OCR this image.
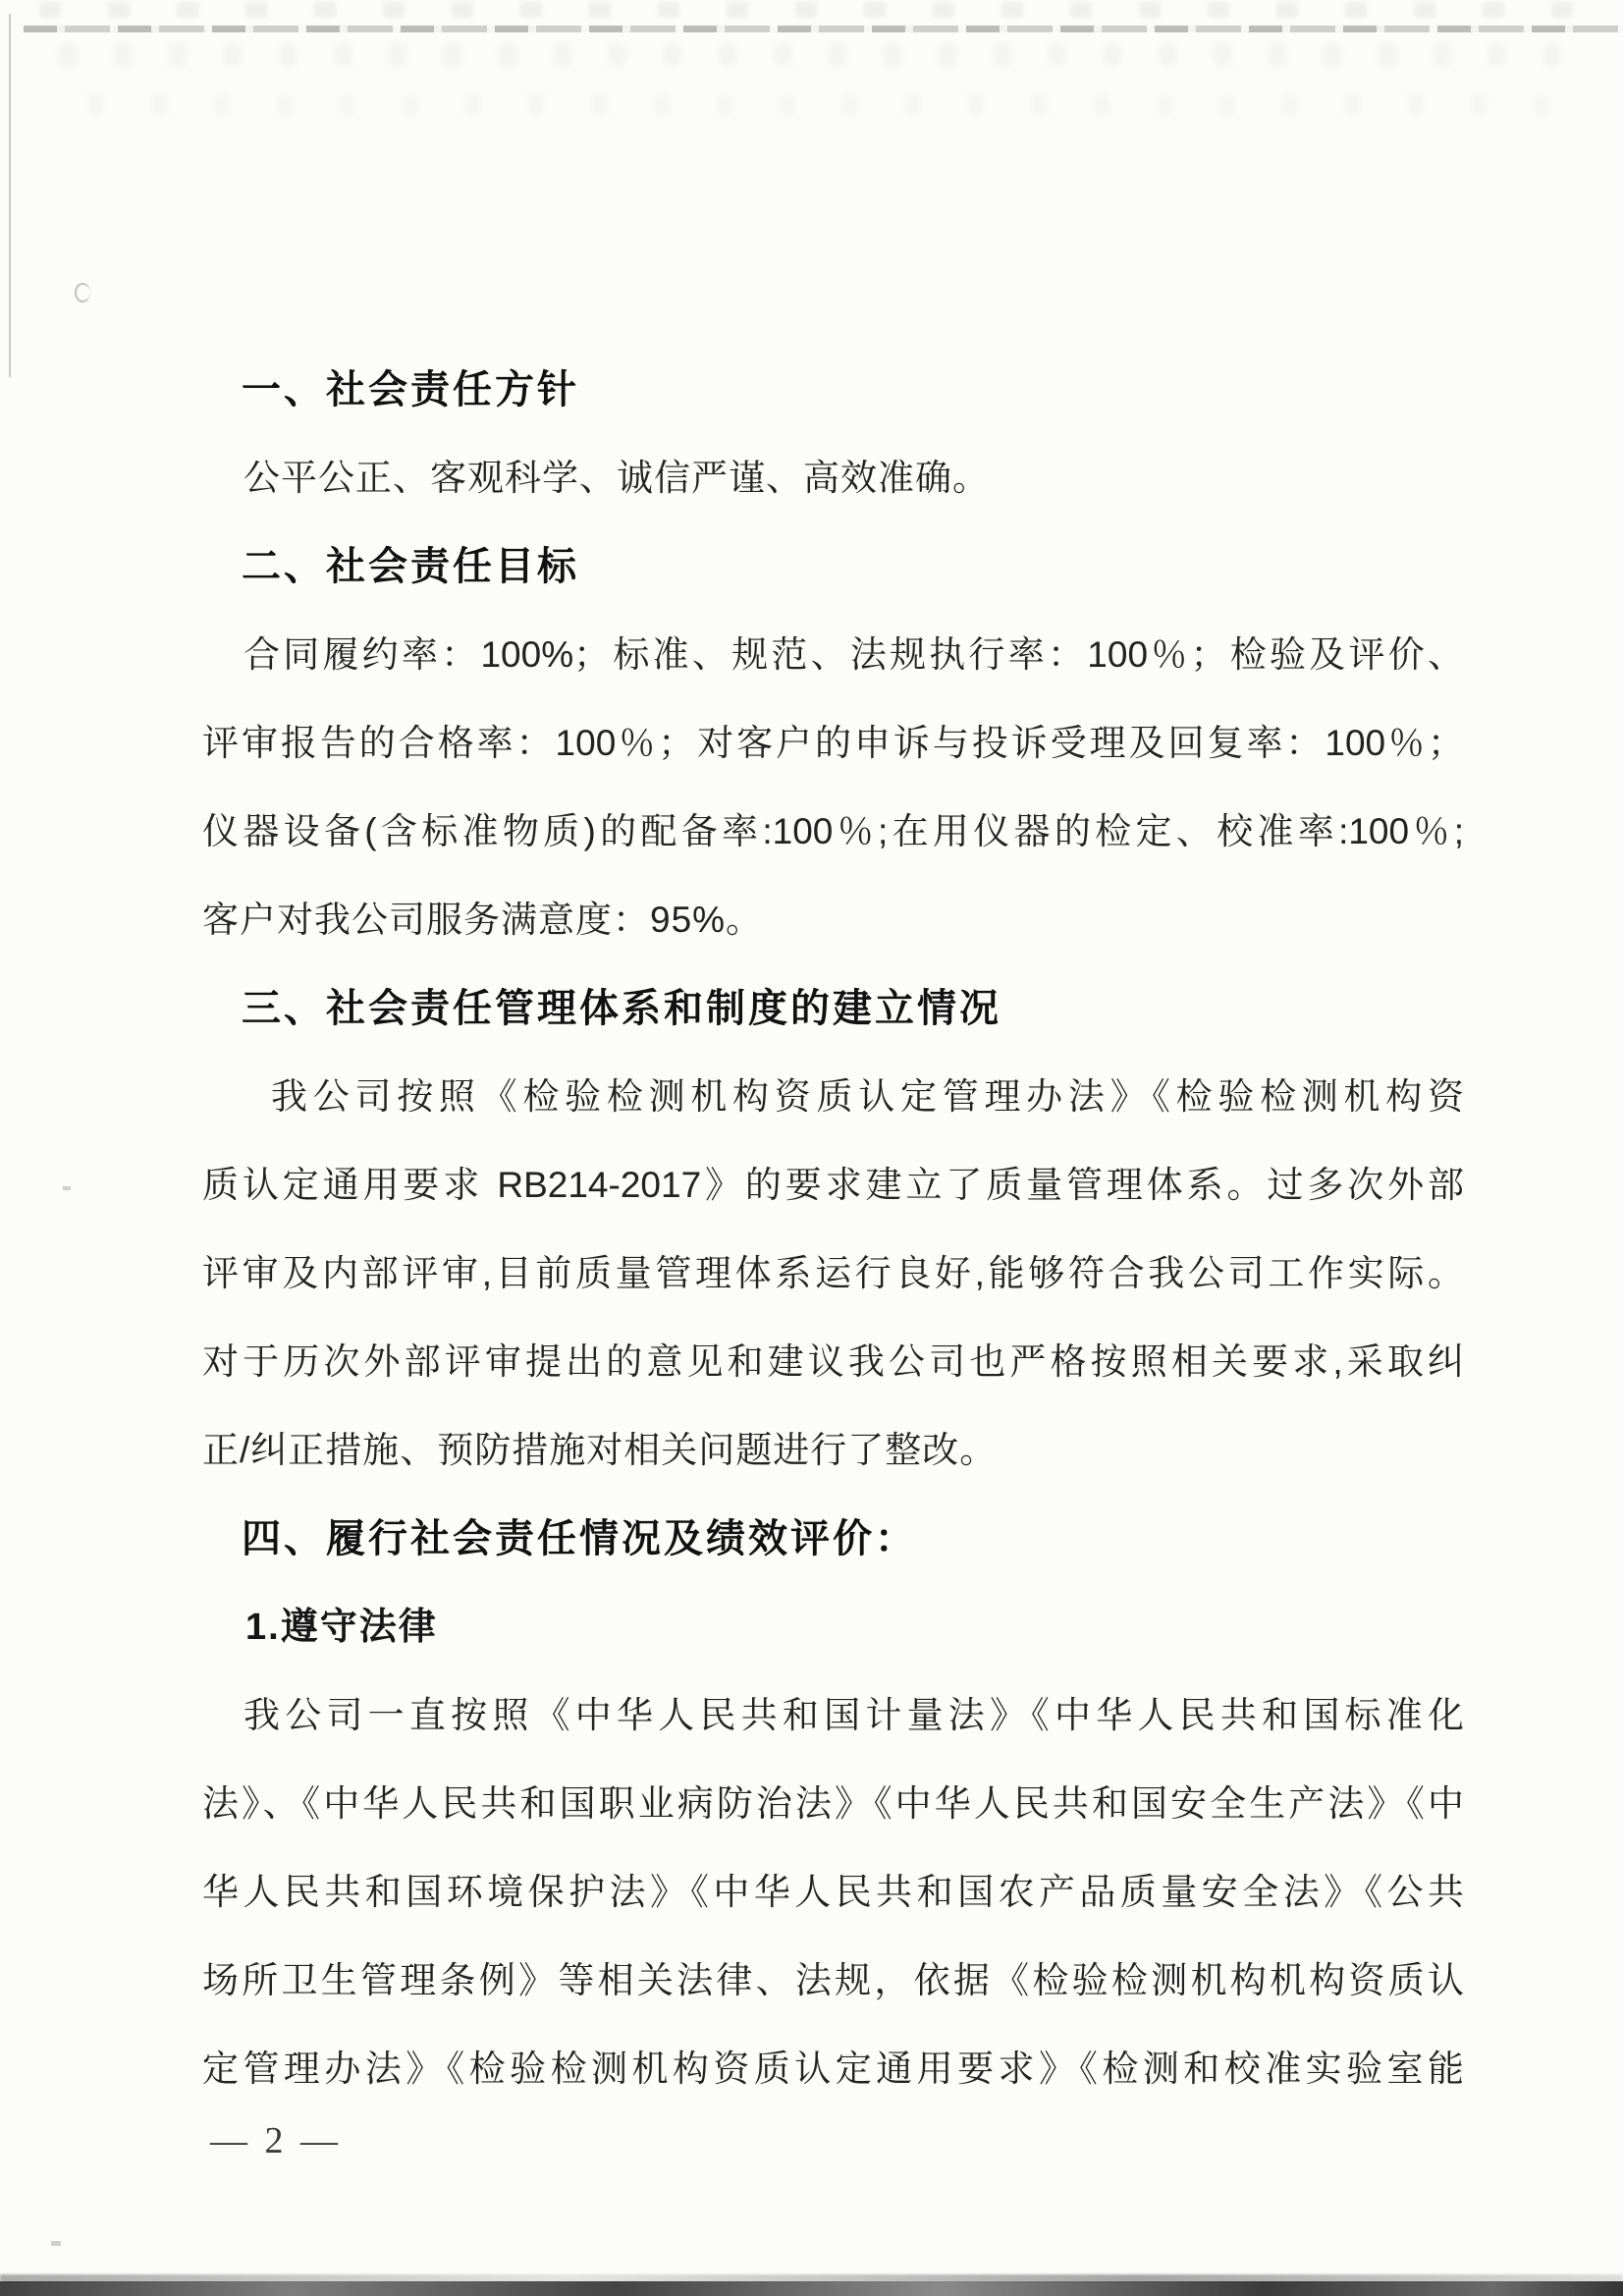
一、社会责任方针
公平公正、客观科学、诚信严谨、高效准确。
二、社会责任目标
合同履约率：100%；标准、规范、法规执行率：100％；检验及评价、
评审报告的合格率：100％；对客户的申诉与投诉受理及回复率：100％；
仪器设备(含标准物质)的配备率:100％;在用仪器的检定、校准率:100％;
客户对我公司服务满意度：95%。
三、社会责任管理体系和制度的建立情况
我公司按照《检验检测机构资质认定管理办法》《检验检测机构资
质认定通用要求 RB214-2017》的要求建立了质量管理体系。过多次外部
评审及内部评审,目前质量管理体系运行良好,能够符合我公司工作实际。
对于历次外部评审提出的意见和建议我公司也严格按照相关要求,采取纠
正/纠正措施、预防措施对相关问题进行了整改。
四、履行社会责任情况及绩效评价：
1.遵守法律
我公司一直按照《中华人民共和国计量法》《中华人民共和国标准化
法》、《中华人民共和国职业病防治法》《中华人民共和国安全生产法》《中
华人民共和国环境保护法》《中华人民共和国农产品质量安全法》《公共
场所卫生管理条例》等相关法律、法规，依据《检验检测机构机构资质认
定管理办法》《检验检测机构资质认定通用要求》《检测和校准实验室能
— 2 —
